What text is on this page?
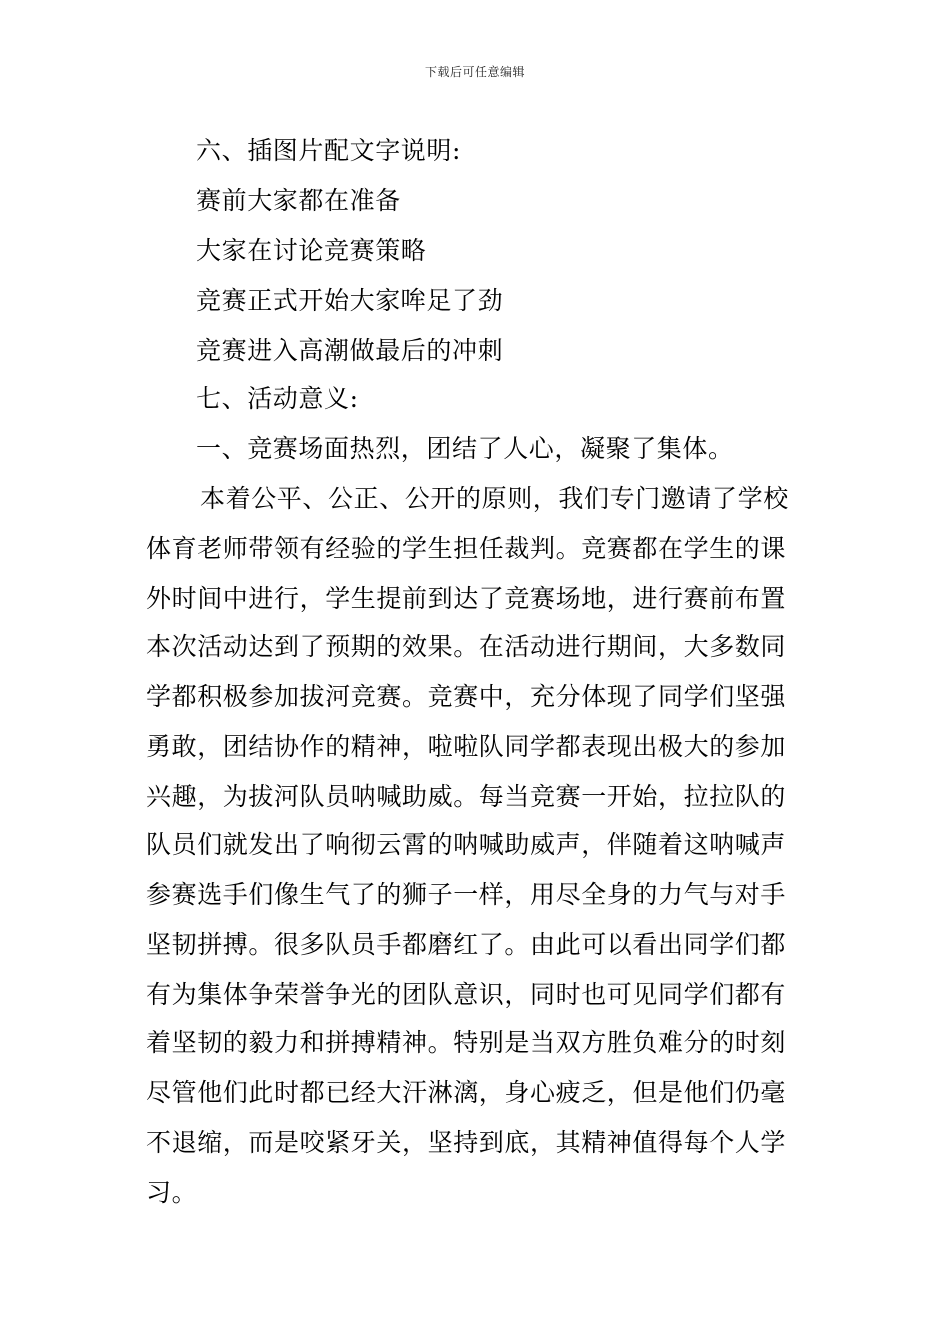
下载后可任意编辑
六、插图片配文字说明:
赛前大家都在准备
大家在讨论竞赛策略
竞赛正式开始大家哞足了劲
竞赛进入高潮做最后的冲刺
七、活动意义:
一、竞赛场面热烈，团结了人心，凝聚了集体。
本着公平、公正、公开的原则，我们专门邀请了学校
体育老师带领有经验的学生担任裁判。竞赛都在学生的课
外时间中进行，学生提前到达了竞赛场地，进行赛前布置
本次活动达到了预期的效果。在活动进行期间，大多数同
学都积极参加拔河竞赛。竞赛中，充分体现了同学们坚强
勇敢，团结协作的精神，啦啦队同学都表现出极大的参加
兴趣，为拔河队员呐喊助威。每当竞赛一开始，拉拉队的
队员们就发出了响彻云霄的呐喊助威声，伴随着这呐喊声
参赛选手们像生气了的狮子一样，用尽全身的力气与对手
坚韧拼搏。很多队员手都磨红了。由此可以看出同学们都
有为集体争荣誉争光的团队意识，同时也可见同学们都有
着坚韧的毅力和拼搏精神。特别是当双方胜负难分的时刻
尽管他们此时都已经大汗淋漓，身心疲乏，但是他们仍毫
不退缩，而是咬紧牙关，坚持到底，其精神值得每个人学
习。
